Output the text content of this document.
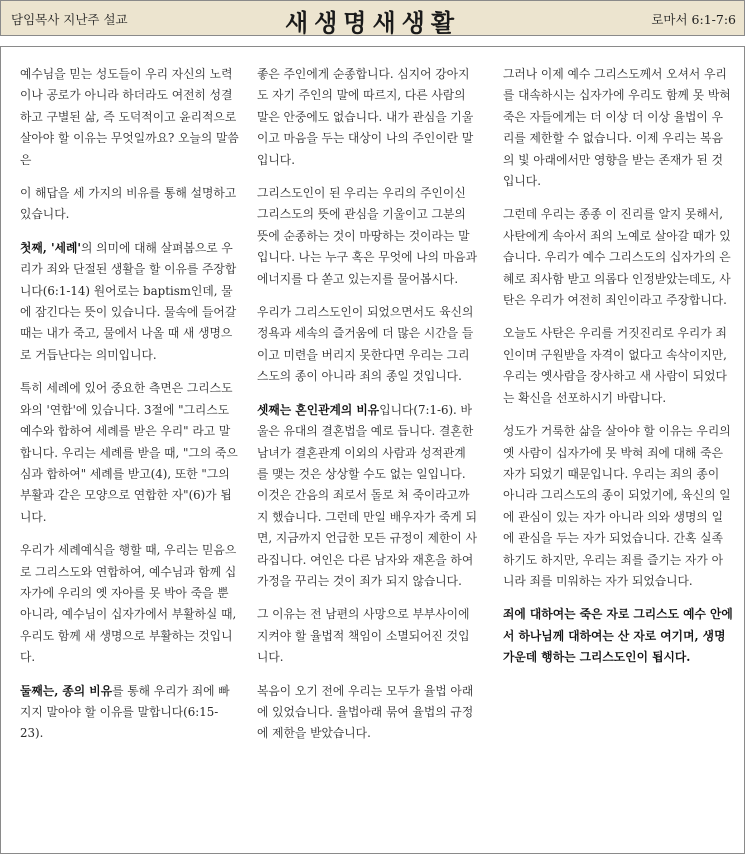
담임목사 지난주 설교	새생명새생활	로마서 6:1-7:6

예수님을 믿는 성도들이 우리 자신의 노력이나 공로가 아니라 하더라도 여전히 성결하고 구별된 삶, 즉 도덕적이고 윤리적으로 살아야 할 이유는 무엇일까요? 오늘의 말씀은

이 해답을 세 가지의 비유를 통해 설명하고 있습니다.

첫째, '세례'의 의미에 대해 살펴봄으로 우리가 죄와 단절된 생활을 할 이유를 주장합니다(6:1-14) 원어로는 baptism인데, 물에 잠긴다는 뜻이 있습니다. 물속에 들어갈 때는 내가 죽고, 물에서 나올 때 새 생명으로 거듭난다는 의미입니다.

특히 세례에 있어 중요한 측면은 그리스도와의 '연합'에 있습니다. 3절에 "그리스도 예수와 합하여 세례를 받은 우리" 라고 말합니다. 우리는 세례를 받을 때, "그의 죽으심과 합하여" 세례를 받고(4), 또한 "그의 부활과 같은 모양으로 연합한 자"(6)가 됩니다.

우리가 세례예식을 행할 때, 우리는 믿음으로 그리스도와 연합하여, 예수님과 함께 십자가에 우리의 옛 자아를 못 박아 죽을 뿐 아니라, 예수님이 십자가에서 부활하실 때, 우리도 함께 새 생명으로 부활하는 것입니다.

둘째는, 종의 비유를 통해 우리가 죄에 빠지지 말아야 할 이유를 말합니다(6:15-23).

좋은 주인에게 순종합니다. 심지어 강아지도 자기 주인의 말에 따르지, 다른 사람의 말은 안중에도 없습니다. 내가 관심을 기울이고 마음을 두는 대상이 나의 주인이란 말입니다.

그리스도인이 된 우리는 우리의 주인이신 그리스도의 뜻에 관심을 기울이고 그분의 뜻에 순종하는 것이 마땅하는 것이라는 말입니다. 나는 누구 혹은 무엇에 나의 마음과 에너지를 다 쏟고 있는지를 물어봅시다.

우리가 그리스도인이 되었으면서도 육신의 정욕과 세속의 즐거움에 더 많은 시간을 들이고 미련을 버리지 못한다면 우리는 그리스도의 종이 아니라 죄의 종일 것입니다.

셋째는 혼인관계의 비유입니다(7:1-6). 바울은 유대의 결혼법을 예로 듭니다. 결혼한 남녀가 결혼관계 이외의 사람과 성적관계를 맺는 것은 상상할 수도 없는 일입니다. 이것은 간음의 죄로서 돌로 쳐 죽이라고까지 했습니다. 그런데 만일 배우자가 죽게 되면, 지금까지 언급한 모든 규정이 제한이 사라집니다. 여인은 다른 남자와 재혼을 하여 가정을 꾸리는 것이 죄가 되지 않습니다.

그 이유는 전 남편의 사망으로 부부사이에 지켜야 할 율법적 책임이 소멸되어진 것입니다.

복음이 오기 전에 우리는 모두가 율법 아래에 있었습니다. 율법아래 묶여 율법의 규정에 제한을 받았습니다.

그러나 이제 예수 그리스도께서 오셔서 우리를 대속하시는 십자가에 우리도 함께 못 박혀 죽은 자들에게는 더 이상 더 이상 율법이 우리를 제한할 수 없습니다. 이제 우리는 복음의 빛 아래에서만 영향을 받는 존재가 된 것입니다.

그런데 우리는 종종 이 진리를 알지 못해서, 사탄에게 속아서 죄의 노예로 살아갈 때가 있습니다. 우리가 예수 그리스도의 십자가의 은혜로 죄사함 받고 의롭다 인정받았는데도, 사탄은 우리가 여전히 죄인이라고 주장합니다.

오늘도 사탄은 우리를 거짓진리로 우리가 죄인이며 구원받을 자격이 없다고 속삭이지만, 우리는 옛사람을 장사하고 새 사람이 되었다는 확신을 선포하시기 바랍니다.

성도가 거룩한 삶을 살아야 할 이유는 우리의 옛 사람이 십자가에 못 박혀 죄에 대해 죽은 자가 되었기 때문입니다. 우리는 죄의 종이 아니라 그리스도의 종이 되었기에, 육신의 일에 관심이 있는 자가 아니라 의와 생명의 일에 관심을 두는 자가 되었습니다. 간혹 실족하기도 하지만, 우리는 죄를 즐기는 자가 아니라 죄를 미워하는 자가 되었습니다.

죄에 대하여는 죽은 자로 그리스도 예수 안에서 하나님께 대하여는 산 자로 여기며, 생명 가운데 행하는 그리스도인이 됩시다.
